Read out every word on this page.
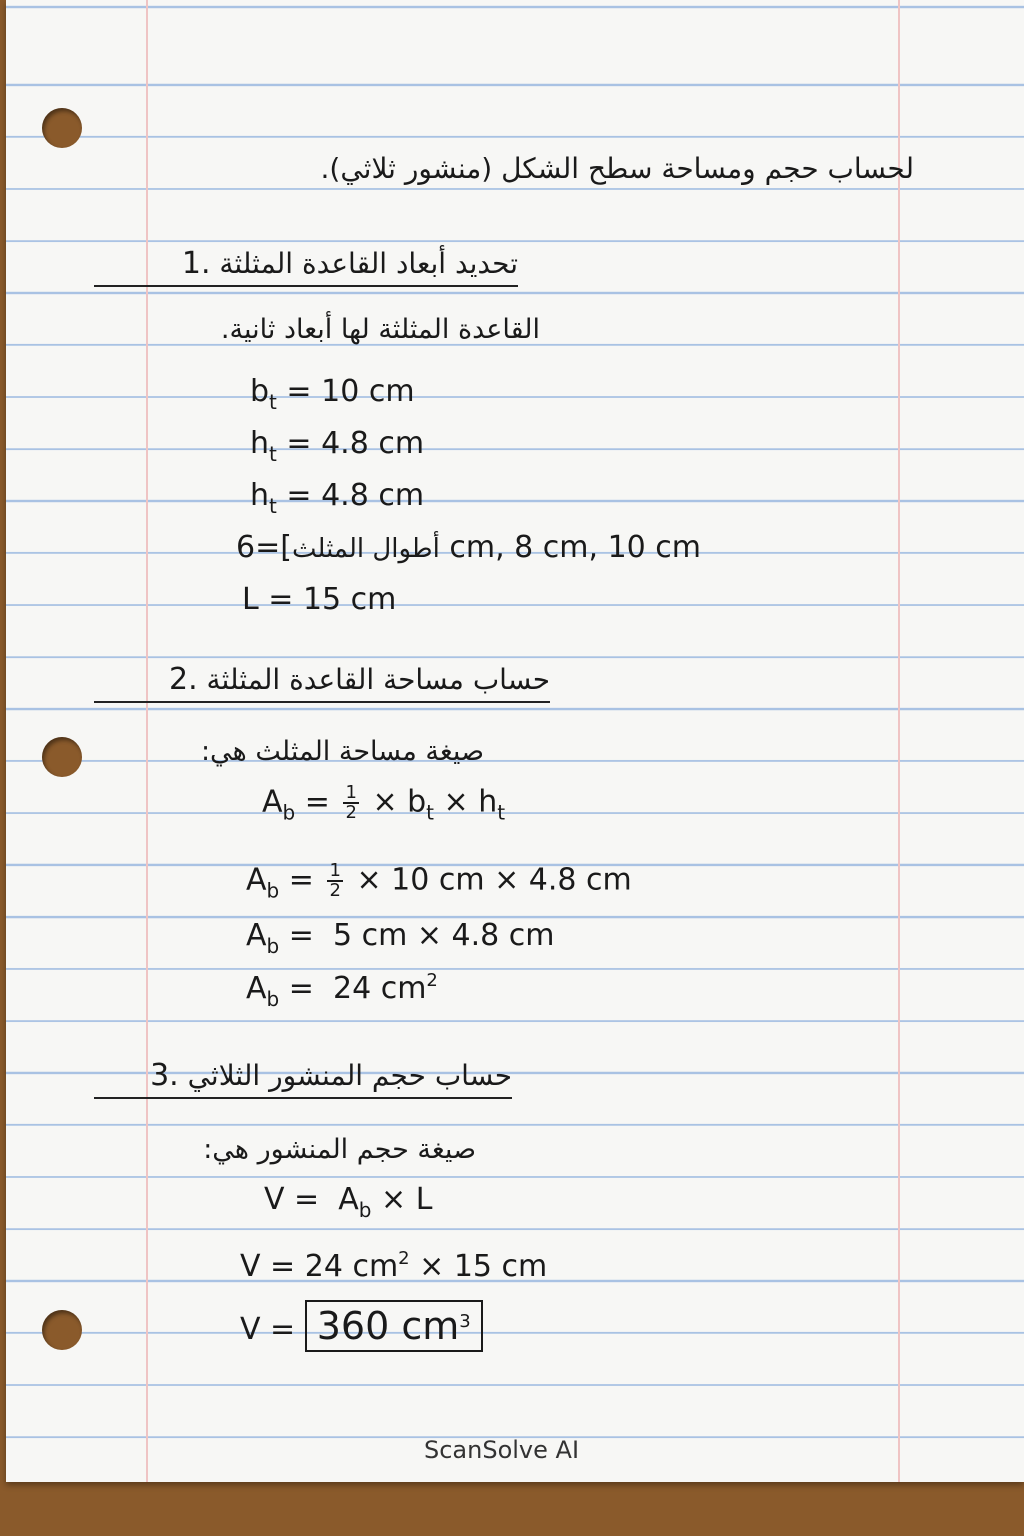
لحساب حجم ومساحة سطح الشكل (منشور ثلاثي).
تحديد أبعاد القاعدة المثلثة 1.
القاعدة المثلثة لها أبعاد ثانية.
$b_t = 10$ cm
$h_t = 4.8$ cm
$h_t = 4.8$ cm
أطوال المثلث]=6 cm, 8 cm, 10 cm
L = 15 cm
حساب مساحة القاعدة المثلثة 2.
صيغة مساحة المثلث هي:
$A_b = \frac{1}{2} \times b_t \times h_t$
$A_b = \frac{1}{2} \times 10$ cm × 4.8 cm
$A_b = 5$ cm × 4.8 cm
$A_b = 24$ $cm^2$
حساب حجم المنشور الثلاثي 3.
صيغة حجم المنشور هي:
$V = A_b \times L$
V = 24 $cm^2 \times 15$ cm
V = 360 $cm^3$
ScanSolve AI
